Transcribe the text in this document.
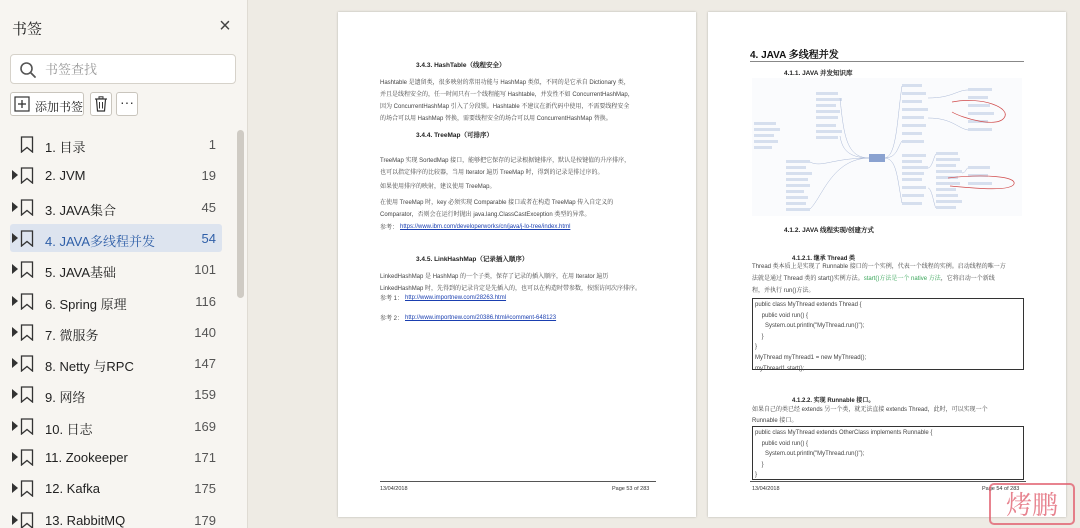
书签	×
书签查找
添加书签	···
1. 目录	1
2. JVM	19
3. JAVA集合	45
4. JAVA多线程并发	54
5. JAVA基础	101
6. Spring 原理	116
7. 微服务	140
8. Netty 与RPC	147
9. 网络	159
10. 日志	169
11. Zookeeper	171
12. Kafka	175
13. RabbitMQ	179
3.4.3. HashTable（线程安全）
Hashtable 是遗留类，很多映射的常用功能与 HashMap 类似，不同的是它承自 Dictionary 类，
并且是线程安全的，任一时间只有一个线程能写 Hashtable，并发性不如 ConcurrentHashMap，
因为 ConcurrentHashMap 引入了分段锁。Hashtable 不建议在新代码中使用，不需要线程安全
的场合可以用 HashMap 替换，需要线程安全的场合可以用 ConcurrentHashMap 替换。
3.4.4. TreeMap（可排序）
TreeMap 实现 SortedMap 接口，能够把它保存的记录根据键排序，默认是按键值的升序排序，
也可以指定排序的比较器，当用 Iterator 遍历 TreeMap 时，得到的记录是排过序的。
如果使用排序的映射，建议使用 TreeMap。
在使用 TreeMap 时，key 必须实现 Comparable 接口或者在构造 TreeMap 传入自定义的
Comparator，否则会在运行时抛出 java.lang.ClassCastException 类型的异常。
参考： https://www.ibm.com/developerworks/cn/java/j-lo-tree/index.html
3.4.5. LinkHashMap（记录插入顺序）
LinkedHashMap 是 HashMap 的一个子类，保存了记录的插入顺序，在用 Iterator 遍历
LinkedHashMap 时，先得到的记录肯定是先插入的，也可以在构造时带参数，按照访问次序排序。
参考 1： http://www.importnew.com/28263.html
参考 2： http://www.importnew.com/20386.html#comment-648123
13/04/2018	Page 53 of 283
4. JAVA 多线程并发
4.1.1. JAVA 并发知识库
4.1.2. JAVA 线程实现/创建方式
4.1.2.1. 继承 Thread 类
Thread 类本质上是实现了 Runnable 接口的一个实例，代表一个线程的实例。启动线程的唯一方
法就是通过 Thread 类的 start()实例方法。start()方法是一个 native 方法，它将启动一个新线
程，并执行 run()方法。
public class MyThread extends Thread {
public void run() {
System.out.println("MyThread.run()");
}
}
MyThread myThread1 = new MyThread();
myThread1.start();
4.1.2.2. 实现 Runnable 接口。
如果自己的类已经 extends 另一个类，就无法直接 extends Thread，此时，可以实现一个
Runnable 接口。
public class MyThread extends OtherClass implements Runnable {
public void run() {
System.out.println("MyThread.run()");
}
}
13/04/2018	Page 54 of 283
烤鹏
